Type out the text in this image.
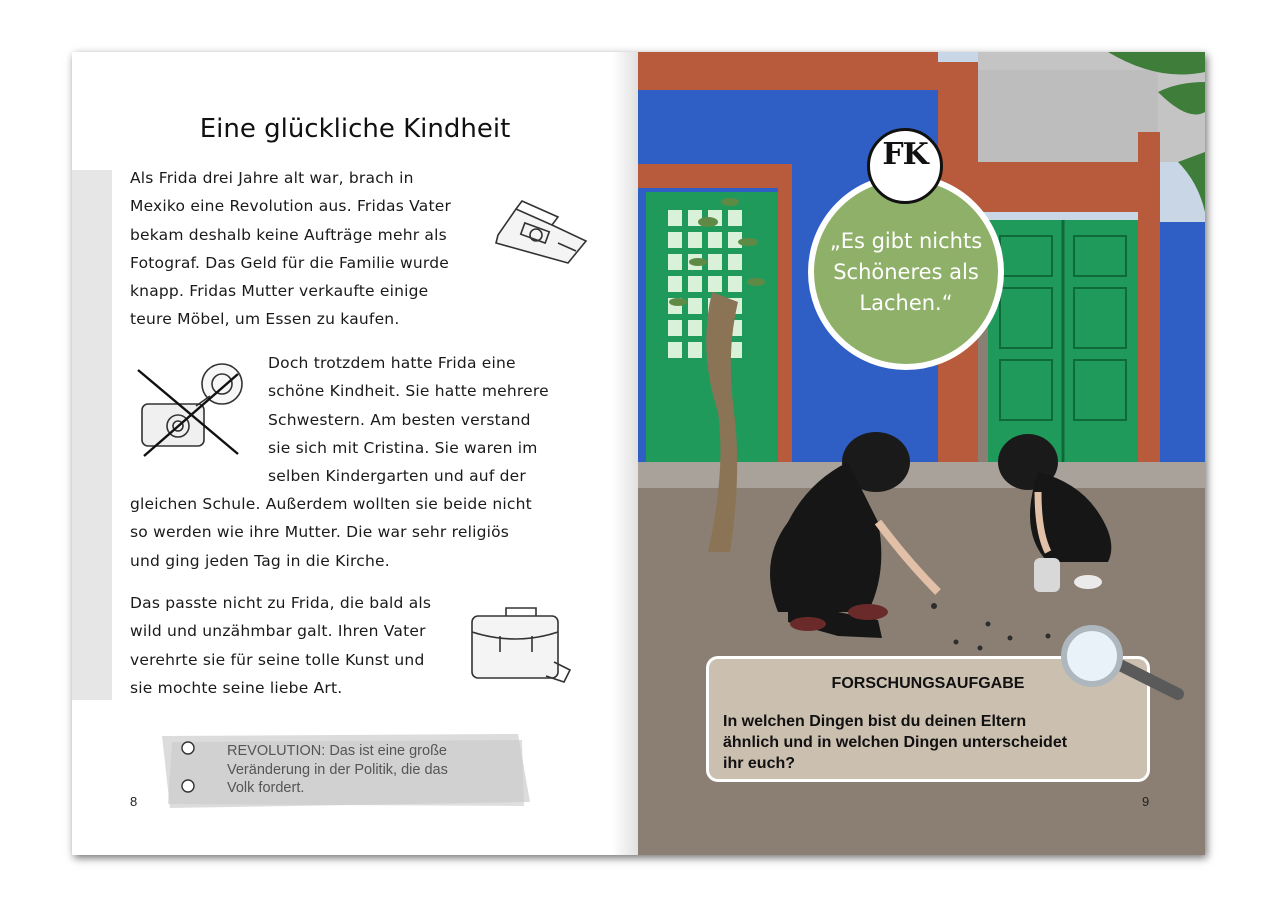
Eine glückliche Kindheit
Als Frida drei Jahre alt war, brach in
Mexiko eine Revolution aus. Fridas Vater
bekam deshalb keine Aufträge mehr als
Fotograf. Das Geld für die Familie wurde
knapp. Fridas Mutter verkaufte einige
teure Möbel, um Essen zu kaufen.
Doch trotzdem hatte Frida eine
schöne Kindheit. Sie hatte mehrere
Schwestern. Am besten verstand
sie sich mit Cristina. Sie waren im
selben Kindergarten und auf der
gleichen Schule. Außerdem wollten sie beide nicht
so werden wie ihre Mutter. Die war sehr religiös
und ging jeden Tag in die Kirche.
Das passte nicht zu Frida, die bald als
wild und unzähmbar galt. Ihren Vater
verehrte sie für seine tolle Kunst und
sie mochte seine liebe Art.
REVOLUTION: Das ist eine große
Veränderung in der Politik, die das
Volk fordert.
8
„Es gibt nichts
Schöneres als
Lachen.“
FK
FORSCHUNGSAUFGABE
In welchen Dingen bist du deinen Eltern
ähnlich und in welchen Dingen unterscheidet
ihr euch?
9
